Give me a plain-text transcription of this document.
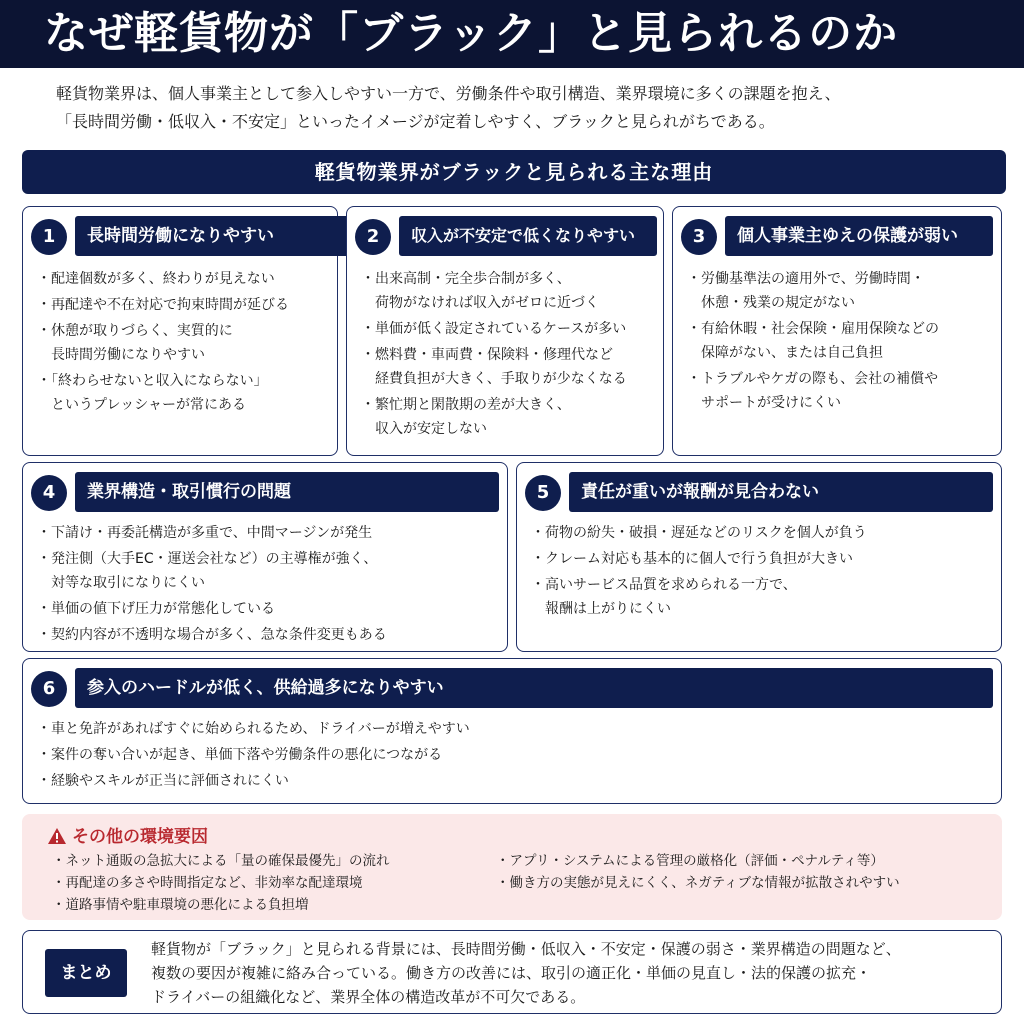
なぜ軽貨物が「ブラック」と見られるのか

軽貨物業界は、個人事業主として参入しやすい一方で、労働条件や取引構造、業界環境に多くの課題を抱え、

「長時間労働・低収入・不安定」といったイメージが定着しやすく、ブラックと見られがちである。

軽貨物業界がブラックと見られる主な理由
1	長時間労働になりやすい
・配達個数が多く、終わりが見えない
・再配達や不在対応で拘束時間が延びる
・休憩が取りづらく、実質的に
長時間労働になりやすい
・「終わらせないと収入にならない」
というプレッシャーが常にある
2	収入が不安定で低くなりやすい
・出来高制・完全歩合制が多く、
荷物がなければ収入がゼロに近づく
・単価が低く設定されているケースが多い
・燃料費・車両費・保険料・修理代など
経費負担が大きく、手取りが少なくなる
・繁忙期と閑散期の差が大きく、
収入が安定しない
3	個人事業主ゆえの保護が弱い
・労働基準法の適用外で、労働時間・
休憩・残業の規定がない
・有給休暇・社会保険・雇用保険などの
保障がない、または自己負担
・トラブルやケガの際も、会社の補償や
サポートが受けにくい
4	業界構造・取引慣行の問題
・下請け・再委託構造が多重で、中間マージンが発生
・発注側（大手EC・運送会社など）の主導権が強く、
対等な取引になりにくい
・単価の値下げ圧力が常態化している
・契約内容が不透明な場合が多く、急な条件変更もある
5	責任が重いが報酬が見合わない
・荷物の紛失・破損・遅延などのリスクを個人が負う
・クレーム対応も基本的に個人で行う負担が大きい
・高いサービス品質を求められる一方で、
報酬は上がりにくい
6	参入のハードルが低く、供給過多になりやすい
・車と免許があればすぐに始められるため、ドライバーが増えやすい
・案件の奪い合いが起き、単価下落や労働条件の悪化につながる
・経験やスキルが正当に評価されにくい
その他の環境要因
・ネット通販の急拡大による「量の確保最優先」の流れ
・再配達の多さや時間指定など、非効率な配達環境
・道路事情や駐車環境の悪化による負担増
・アプリ・システムによる管理の厳格化（評価・ペナルティ等）
・働き方の実態が見えにくく、ネガティブな情報が拡散されやすい
まとめ

軽貨物が「ブラック」と見られる背景には、長時間労働・低収入・不安定・保護の弱さ・業界構造の問題など、

複数の要因が複雑に絡み合っている。働き方の改善には、取引の適正化・単価の見直し・法的保護の拡充・

ドライバーの組織化など、業界全体の構造改革が不可欠である。
